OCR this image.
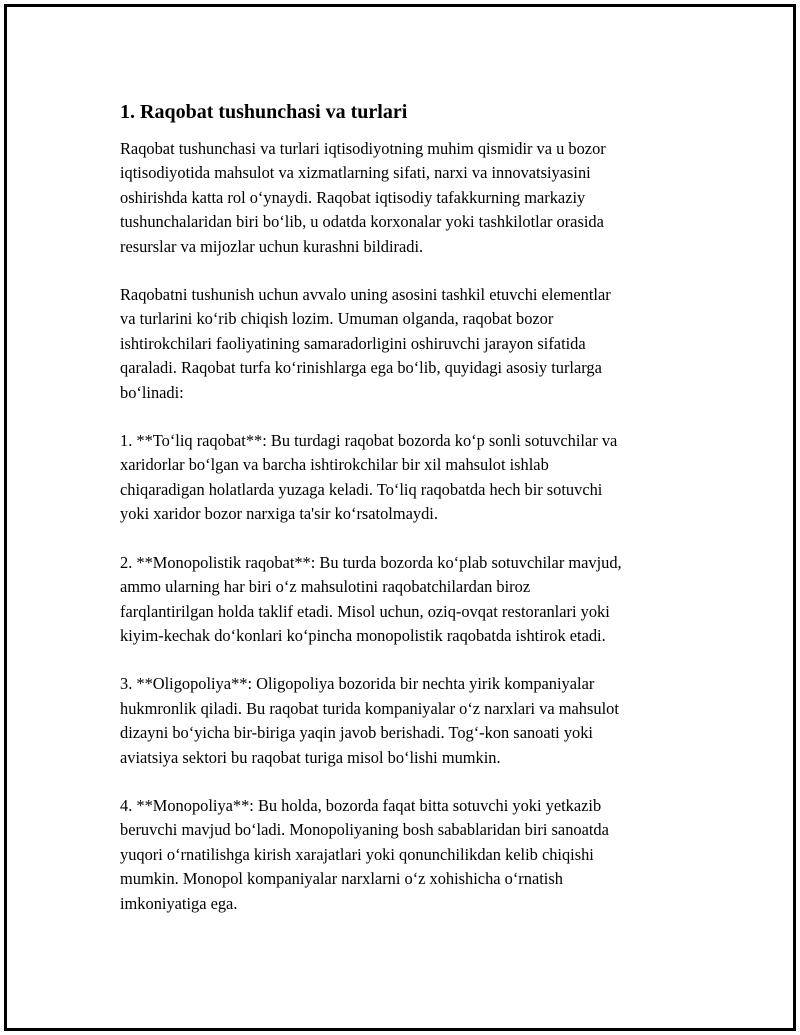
1. Raqobat tushunchasi va turlari

Raqobat tushunchasi va turlari iqtisodiyotning muhim qismidir va u bozor
iqtisodiyotida mahsulot va xizmatlarning sifati, narxi va innovatsiyasini
oshirishda katta rol o‘ynaydi. Raqobat iqtisodiy tafakkurning markaziy
tushunchalaridan biri bo‘lib, u odatda korxonalar yoki tashkilotlar orasida
resurslar va mijozlar uchun kurashni bildiradi.

Raqobatni tushunish uchun avvalo uning asosini tashkil etuvchi elementlar
va turlarini ko‘rib chiqish lozim. Umuman olganda, raqobat bozor
ishtirokchilari faoliyatining samaradorligini oshiruvchi jarayon sifatida
qaraladi. Raqobat turfa ko‘rinishlarga ega bo‘lib, quyidagi asosiy turlarga
bo‘linadi:

1. **To‘liq raqobat**: Bu turdagi raqobat bozorda ko‘p sonli sotuvchilar va
xaridorlar bo‘lgan va barcha ishtirokchilar bir xil mahsulot ishlab
chiqaradigan holatlarda yuzaga keladi. To‘liq raqobatda hech bir sotuvchi
yoki xaridor bozor narxiga ta'sir ko‘rsatolmaydi.

2. **Monopolistik raqobat**: Bu turda bozorda ko‘plab sotuvchilar mavjud,
ammo ularning har biri o‘z mahsulotini raqobatchilardan biroz
farqlantirilgan holda taklif etadi. Misol uchun, oziq-ovqat restoranlari yoki
kiyim-kechak do‘konlari ko‘pincha monopolistik raqobatda ishtirok etadi.

3. **Oligopoliya**: Oligopoliya bozorida bir nechta yirik kompaniyalar
hukmronlik qiladi. Bu raqobat turida kompaniyalar o‘z narxlari va mahsulot
dizayni bo‘yicha bir-biriga yaqin javob berishadi. Tog‘-kon sanoati yoki
aviatsiya sektori bu raqobat turiga misol bo‘lishi mumkin.

4. **Monopoliya**: Bu holda, bozorda faqat bitta sotuvchi yoki yetkazib
beruvchi mavjud bo‘ladi. Monopoliyaning bosh sabablaridan biri sanoatda
yuqori o‘rnatilishga kirish xarajatlari yoki qonunchilikdan kelib chiqishi
mumkin. Monopol kompaniyalar narxlarni o‘z xohishicha o‘rnatish
imkoniyatiga ega.
